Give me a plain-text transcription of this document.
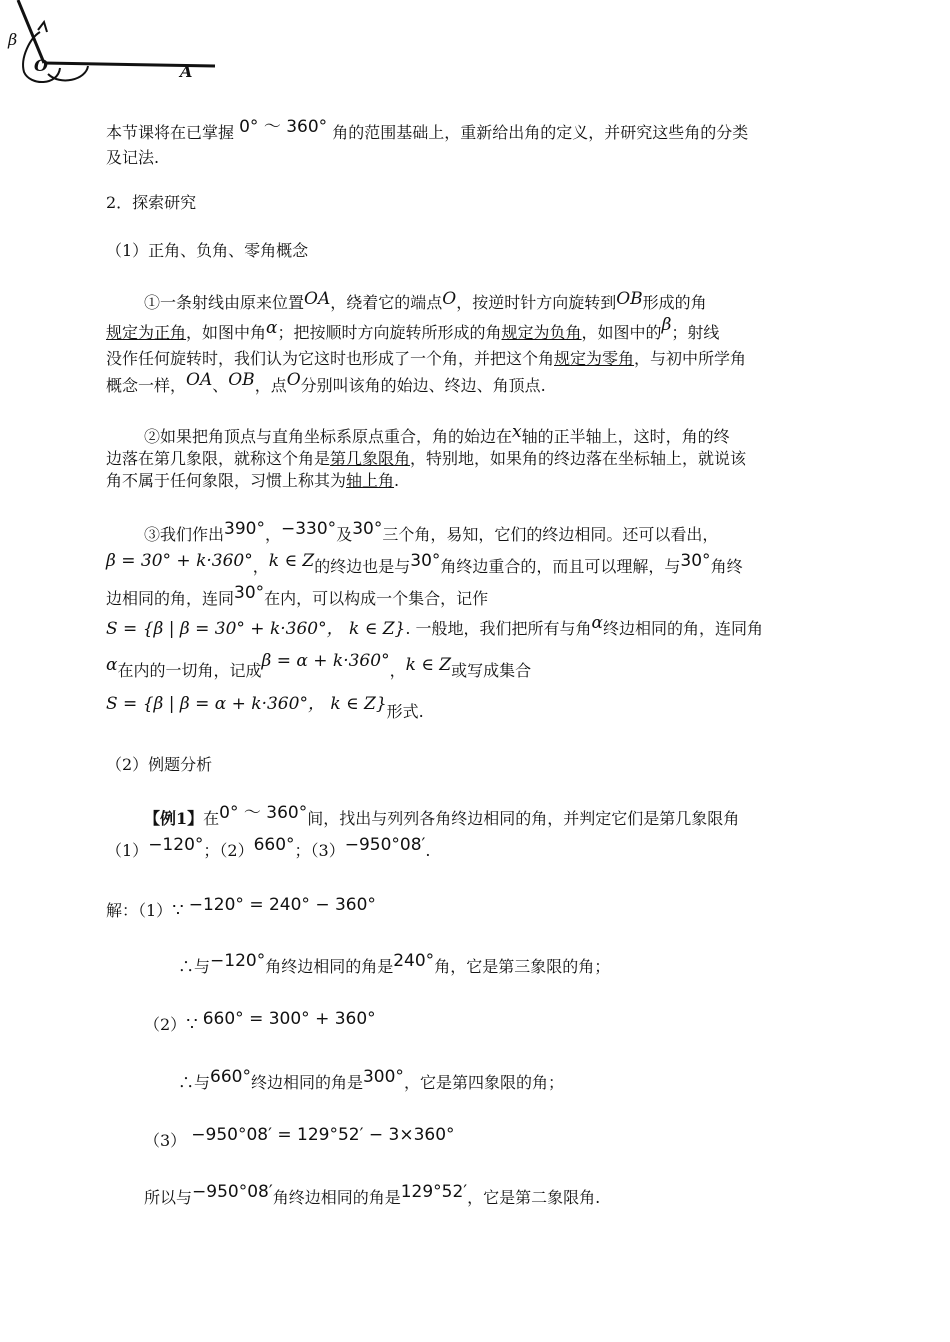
β
O	A
本节课将在已掌握 0° ～ 360° 角的范围基础上，重新给出角的定义，并研究这些角的分类
及记法.
2．探索研究
（1）正角、负角、零角概念
①一条射线由原来位置OA，绕着它的端点O，按逆时针方向旋转到OB形成的角
规定为正角，如图中角α；把按顺时方向旋转所形成的角规定为负角，如图中的β；射线
没作任何旋转时，我们认为它这时也形成了一个角，并把这个角规定为零角，与初中所学角
概念一样，OA、OB，点O分别叫该角的始边、终边、角顶点.
②如果把角顶点与直角坐标系原点重合，角的始边在x轴的正半轴上，这时，角的终
边落在第几象限，就称这个角是第几象限角，特别地，如果角的终边落在坐标轴上，就说该
角不属于任何象限，习惯上称其为轴上角.
③我们作出390°，−330°及30°三个角，易知，它们的终边相同。还可以看出，
β = 30° + k·360°，k ∈ Z的终边也是与30°角终边重合的，而且可以理解，与30°角终
边相同的角，连同30°在内，可以构成一个集合，记作
S = {β | β = 30° + k·360°， k ∈ Z}. 一般地，我们把所有与角α终边相同的角，连同角
α在内的一切角，记成β = α + k·360°，k ∈ Z或写成集合
S = {β | β = α + k·360°， k ∈ Z}形式.
（2）例题分析
【例1】在0° ～ 360°间，找出与列列各角终边相同的角，并判定它们是第几象限角
（1）−120°；（2）660°；（3）−950°08′.
解：（1）∵ −120° = 240° − 360°
∴与−120°角终边相同的角是240°角，它是第三象限的角；
（2）∵ 660° = 300° + 360°
∴与660°终边相同的角是300°，它是第四象限的角；
（3） −950°08′ = 129°52′ − 3×360°
所以与−950°08′角终边相同的角是129°52′，它是第二象限角.
